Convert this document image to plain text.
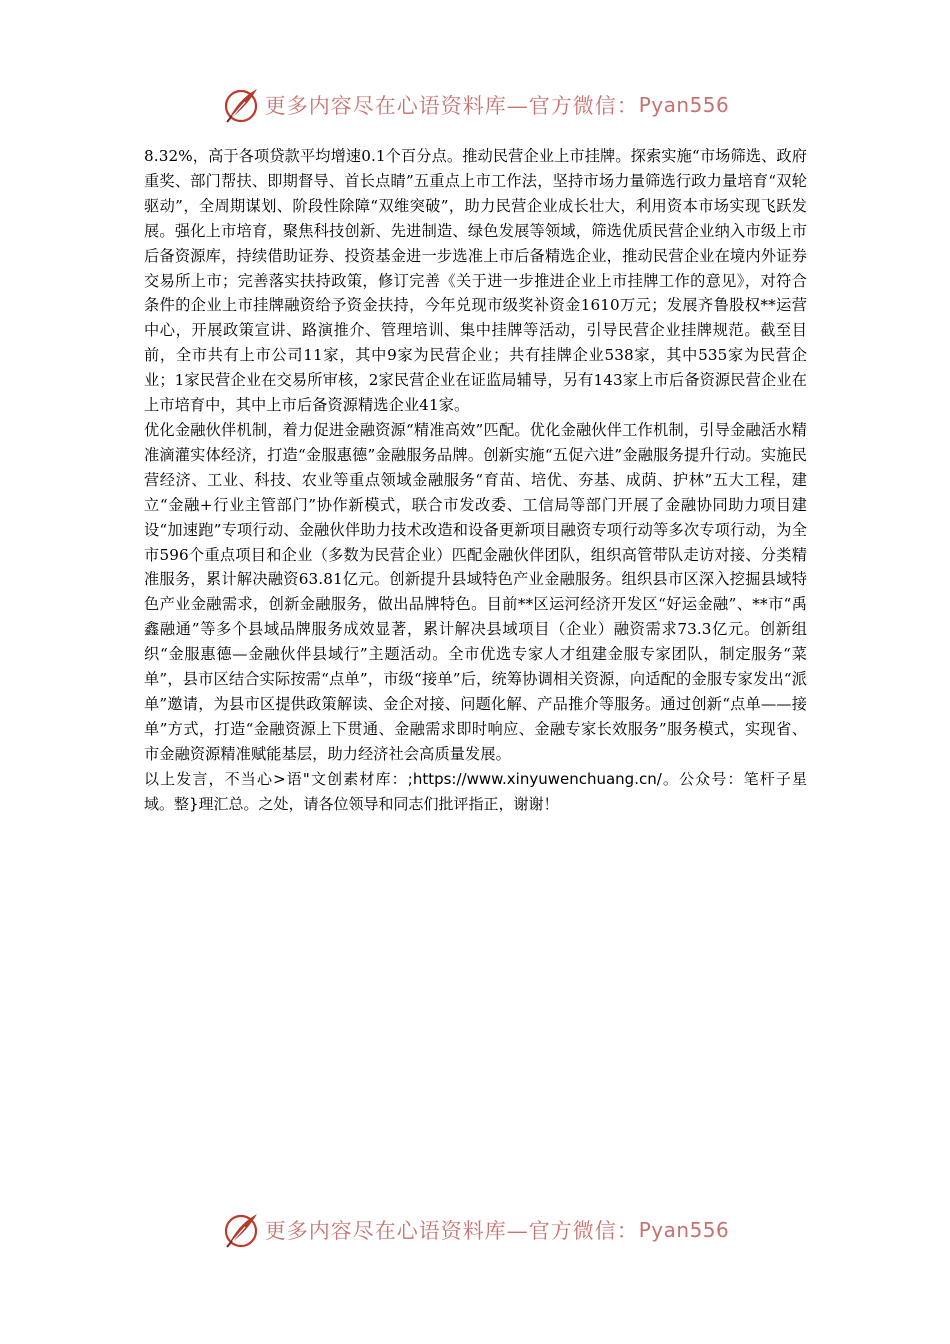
更多内容尽在心语资料库—官方微信： Pyan556

8.32%，高于各项贷款平均增速0.1个百分点。推动民营企业上市挂牌。探索实施“市场筛选、政府重奖、部门帮扶、即期督导、首长点睛”五重点上市工作法，坚持市场力量筛选行政力量培育“双轮驱动”，全周期谋划、阶段性除障“双维突破”，助力民营企业成长壮大，利用资本市场实现飞跃发展。强化上市培育，聚焦科技创新、先进制造、绿色发展等领域，筛选优质民营企业纳入市级上市后备资源库，持续借助证券、投资基金进一步选准上市后备精选企业，推动民营企业在境内外证券交易所上市；完善落实扶持政策，修订完善《关于进一步推进企业上市挂牌工作的意见》，对符合条件的企业上市挂牌融资给予资金扶持，今年兑现市级奖补资金1610万元；发展齐鲁股权**运营中心，开展政策宣讲、路演推介、管理培训、集中挂牌等活动，引导民营企业挂牌规范。截至目前，全市共有上市公司11家，其中9家为民营企业；共有挂牌企业538家，其中535家为民营企业；1家民营企业在交易所审核，2家民营企业在证监局辅导，另有143家上市后备资源民营企业在上市培育中，其中上市后备资源精选企业41家。

优化金融伙伴机制，着力促进金融资源“精准高效”匹配。优化金融伙伴工作机制，引导金融活水精准滴灌实体经济，打造“金服惠德”金融服务品牌。创新实施“五促六进”金融服务提升行动。实施民营经济、工业、科技、农业等重点领域金融服务“育苗、培优、夯基、成荫、护林”五大工程，建立“金融+行业主管部门”协作新模式，联合市发改委、工信局等部门开展了金融协同助力项目建设“加速跑”专项行动、金融伙伴助力技术改造和设备更新项目融资专项行动等多次专项行动，为全市596个重点项目和企业（多数为民营企业）匹配金融伙伴团队，组织高管带队走访对接、分类精准服务，累计解决融资63.81亿元。创新提升县域特色产业金融服务。组织县市区深入挖掘县域特色产业金融需求，创新金融服务，做出品牌特色。目前**区运河经济开发区“好运金融”、**市“禹鑫融通”等多个县域品牌服务成效显著，累计解决县域项目（企业）融资需求73.3亿元。创新组织“金服惠德—金融伙伴县域行”主题活动。全市优选专家人才组建金服专家团队，制定服务“菜单”，县市区结合实际按需“点单”，市级“接单”后，统筹协调相关资源，向适配的金服专家发出“派单”邀请，为县市区提供政策解读、金企对接、问题化解、产品推介等服务。通过创新“点单——接单”方式，打造“金融资源上下贯通、金融需求即时响应、金融专家长效服务”服务模式，实现省、市金融资源精准赋能基层，助力经济社会高质量发展。

以上发言，不当心>语"文创素材库：;https://www.xinyuwenchuang.cn/。公众号：笔杆子星域。整}理汇总。之处，请各位领导和同志们批评指正，谢谢！

更多内容尽在心语资料库—官方微信： Pyan556
